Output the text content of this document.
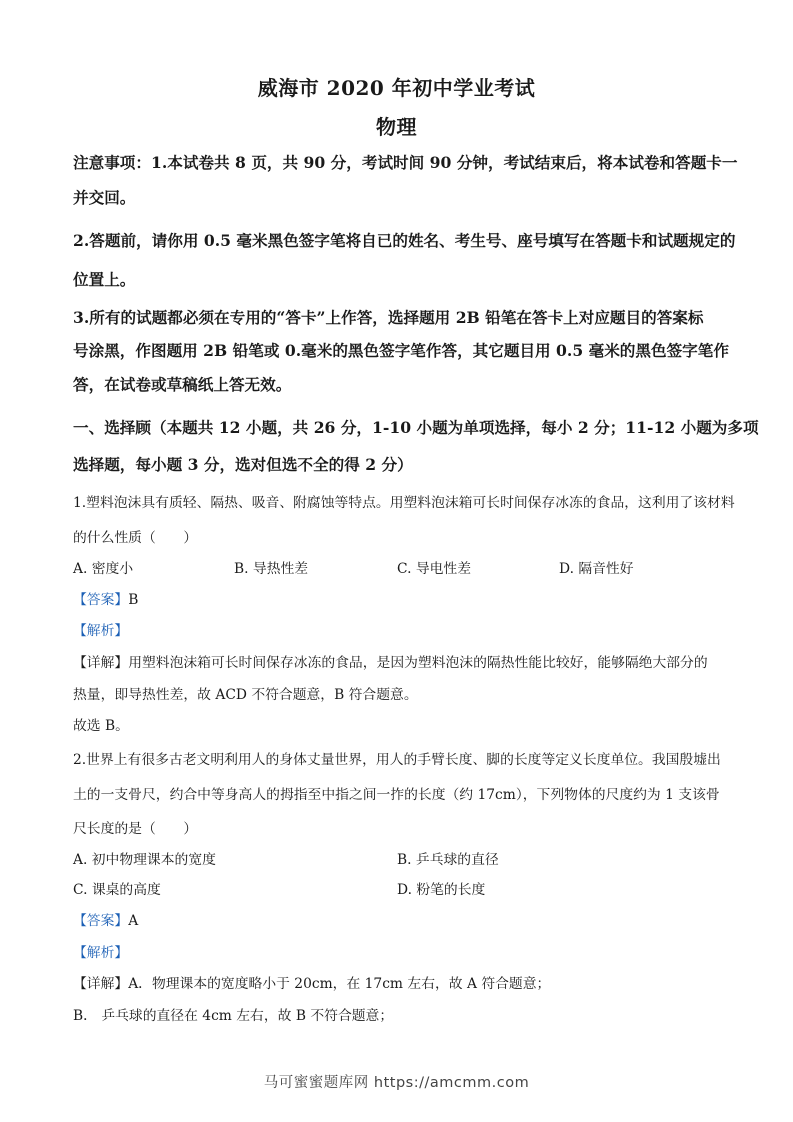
威海市 2020 年初中学业考试
物理
注意事项：1.本试卷共 8 页，共 90 分，考试时间 90 分钟，考试结束后，将本试卷和答题卡一
并交回。
2.答题前，请你用 0.5 毫米黑色签字笔将自已的姓名、考生号、座号填写在答题卡和试题规定的
位置上。
3.所有的试题都必须在专用的“答卡”上作答，选择题用 2B 铅笔在答卡上对应题目的答案标
号涂黑，作图题用 2B 铅笔或 0.毫米的黑色签字笔作答，其它题目用 0.5 毫米的黑色签字笔作
答，在试卷或草稿纸上答无效。
一、选择顾（本题共 12 小题，共 26 分，1-10 小题为单项选择，每小 2 分；11-12 小题为多项
选择题，每小题 3 分，选对但选不全的得 2 分）
1.塑料泡沫具有质轻、隔热、吸音、附腐蚀等特点。用塑料泡沫箱可长时间保存冰冻的食品，这利用了该材料
的什么性质（　　）
A. 密度小	B. 导热性差	C. 导电性差	D. 隔音性好
【答案】B
【解析】
【详解】用塑料泡沫箱可长时间保存冰冻的食品，是因为塑料泡沫的隔热性能比较好，能够隔绝大部分的
热量，即导热性差，故 ACD 不符合题意，B 符合题意。
故选 B。
2.世界上有很多古老文明利用人的身体丈量世界，用人的手臂长度、脚的长度等定义长度单位。我国殷墟出
土的一支骨尺，约合中等身高人的拇指至中指之间一拃的长度（约 17cm），下列物体的尺度约为 1 支该骨
尺长度的是（　　）
A. 初中物理课本的宽度	B. 乒乓球的直径
C. 课桌的高度	D. 粉笔的长度
【答案】A
【解析】
【详解】A．物理课本的宽度略小于 20cm，在 17cm 左右，故 A 符合题意；
B． 乒乓球的直径在 4cm 左右，故 B 不符合题意；
马可蜜蜜题库网 https://amcmm.com
